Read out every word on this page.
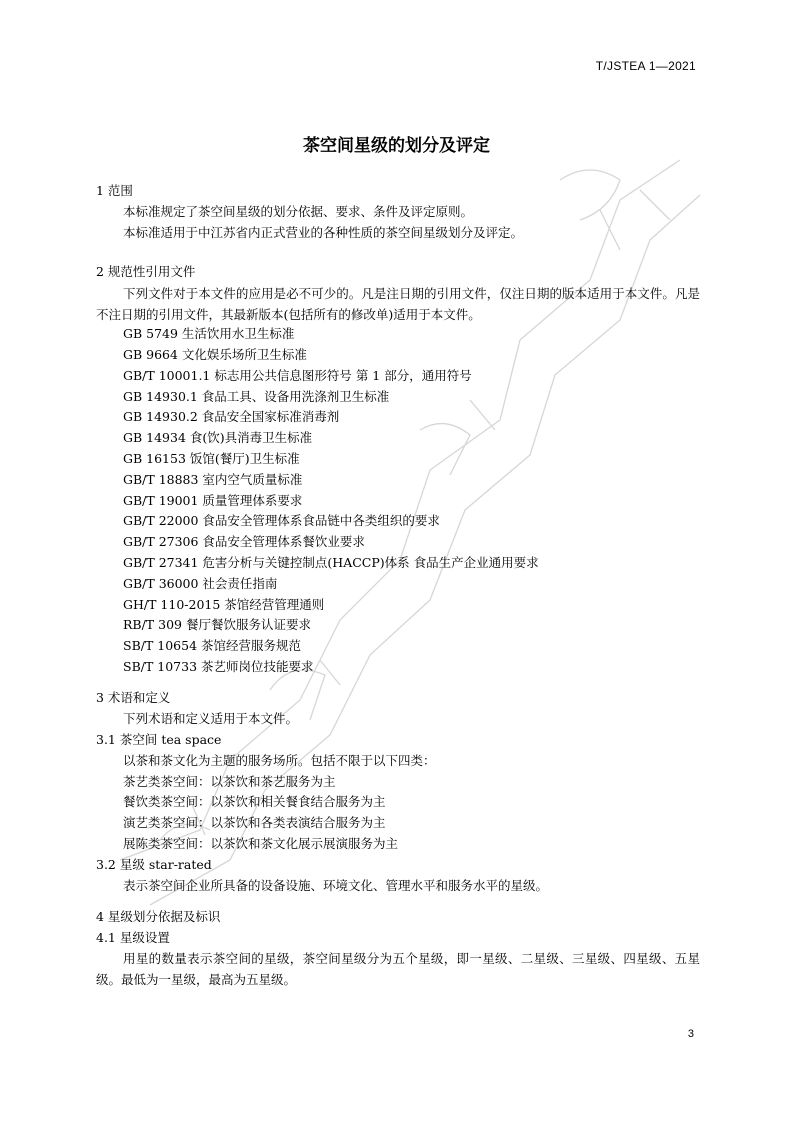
T/JSTEA 1—2021
茶空间星级的划分及评定
1 范围
本标准规定了茶空间星级的划分依据、要求、条件及评定原则。
本标准适用于中江苏省内正式营业的各种性质的茶空间星级划分及评定。
2 规范性引用文件
下列文件对于本文件的应用是必不可少的。凡是注日期的引用文件，仅注日期的版本适用于本文件。凡是不注日期的引用文件，其最新版本(包括所有的修改单)适用于本文件。
GB 5749 生活饮用水卫生标准
GB 9664 文化娱乐场所卫生标准
GB/T 10001.1 标志用公共信息图形符号 第 1 部分，通用符号
GB 14930.1 食品工具、设备用洗涤剂卫生标准
GB 14930.2 食品安全国家标准消毒剂
GB 14934 食(饮)具消毒卫生标准
GB 16153 饭馆(餐厅)卫生标准
GB/T 18883 室内空气质量标准
GB/T 19001 质量管理体系要求
GB/T 22000 食品安全管理体系食品链中各类组织的要求
GB/T 27306 食品安全管理体系餐饮业要求
GB/T 27341 危害分析与关键控制点(HACCP)体系 食品生产企业通用要求
GB/T 36000 社会责任指南
GH/T 110-2015 茶馆经营管理通则
RB/T 309 餐厅餐饮服务认证要求
SB/T 10654 茶馆经营服务规范
SB/T 10733 茶艺师岗位技能要求
3 术语和定义
下列术语和定义适用于本文件。
3.1 茶空间 tea space
以茶和茶文化为主题的服务场所。包括不限于以下四类：
茶艺类茶空间：以茶饮和茶艺服务为主
餐饮类茶空间：以茶饮和相关餐食结合服务为主
演艺类茶空间：以茶饮和各类表演结合服务为主
展陈类茶空间：以茶饮和茶文化展示展演服务为主
3.2 星级 star-rated
表示茶空间企业所具备的设备设施、环境文化、管理水平和服务水平的星级。
4 星级划分依据及标识
4.1 星级设置
用星的数量表示茶空间的星级，茶空间星级分为五个星级，即一星级、二星级、三星级、四星级、五星级。最低为一星级，最高为五星级。
3
